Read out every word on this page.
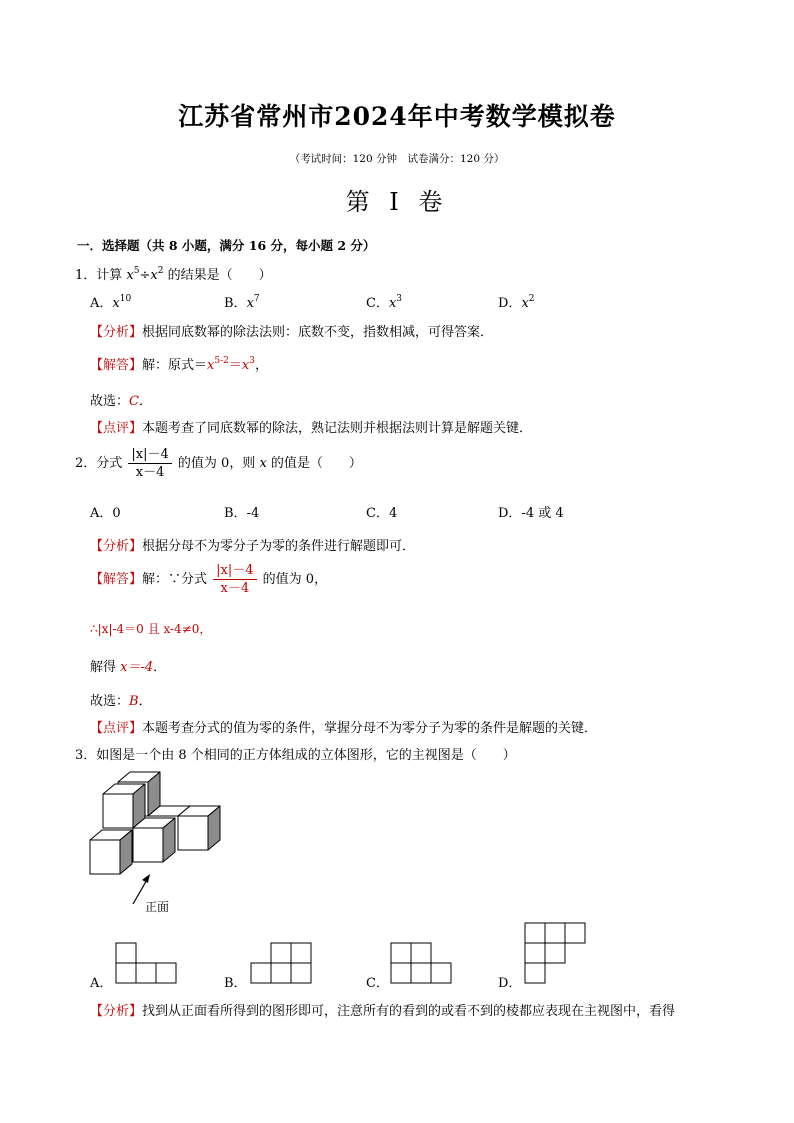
江苏省常州市2024年中考数学模拟卷
（考试时间：120 分钟　试卷满分：120 分）
第 I 卷
一．选择题（共 8 小题，满分 16 分，每小题 2 分）
1．计算 $x^5\div x^2$ 的结果是（　　）
A．$x^{10}$	B．$x^7$	C．$x^3$	D．$x^2$
【分析】根据同底数幂的除法法则：底数不变，指数相减，可得答案．
【解答】解：原式$=x^{5-2}=x^3$，
故选：C．
【点评】本题考查了同底数幂的除法，熟记法则并根据法则计算是解题关键．
2．分式 $\frac{|x|-4}{x-4}$ 的值为 0，则 x 的值是（　　）
A．0	B．-4	C．4	D．-4 或 4
【分析】根据分母不为零分子为零的条件进行解题即可．
【解答】解：∵分式 $\frac{|x|-4}{x-4}$ 的值为 0，
∴|x|-4＝0 且 x-4≠0，
解得 x＝-4．
故选：B．
【点评】本题考查分式的值为零的条件，掌握分母不为零分子为零的条件是解题的关键．
3．如图是一个由 8 个相同的正方体组成的立体图形，它的主视图是（　　）
正面
A．	B．	C．	D．
【分析】找到从正面看所得到的图形即可，注意所有的看到的或看不到的棱都应表现在主视图中，看得
